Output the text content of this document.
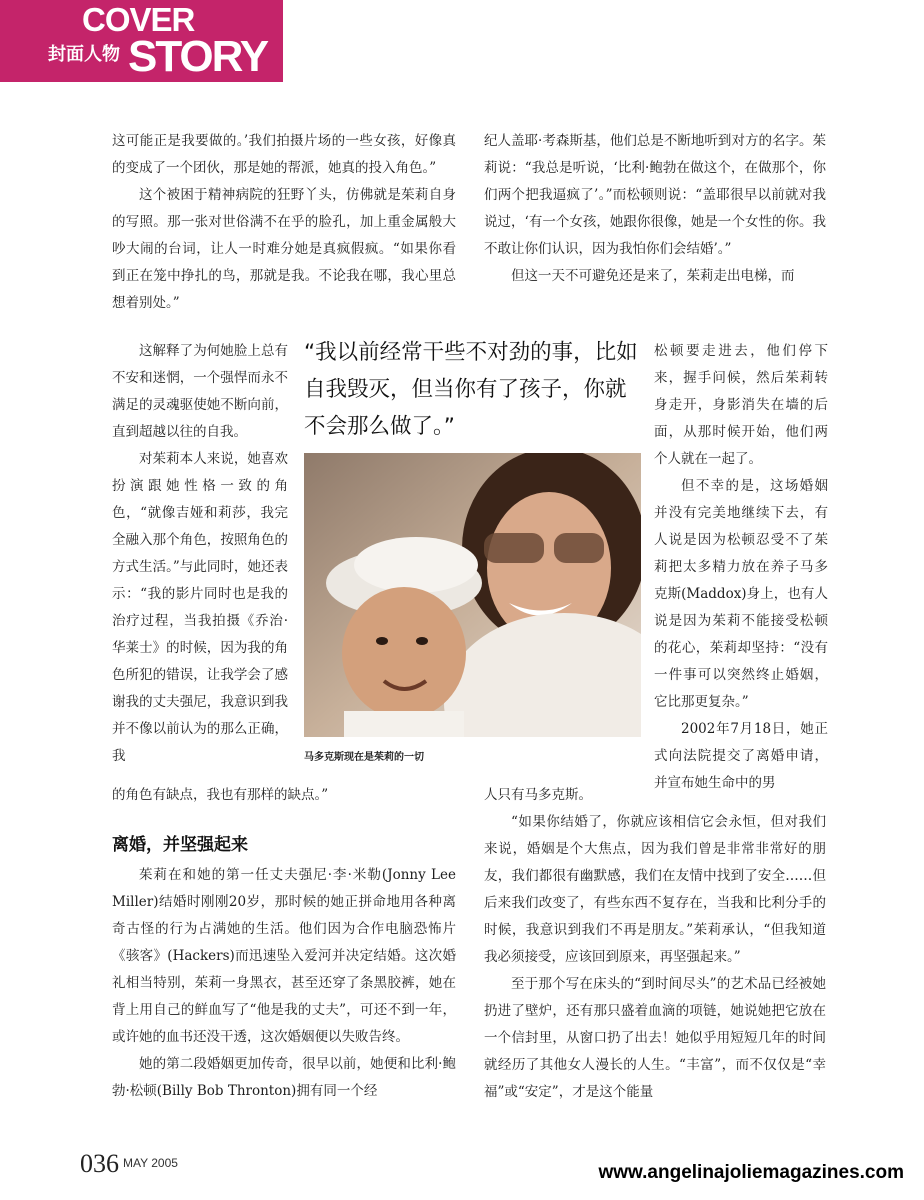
COVER
封面人物 STORY

这可能正是我要做的。’我们拍摄片场的一些女孩，好像真的变成了一个团伙，那是她的帮派，她真的投入角色。”

这个被困于精神病院的狂野丫头，仿佛就是茱莉自身的写照。那一张对世俗满不在乎的脸孔，加上重金属般大吵大闹的台词，让人一时难分她是真疯假疯。“如果你看到正在笼中挣扎的鸟，那就是我。不论我在哪，我心里总想着别处。”

这解释了为何她脸上总有不安和迷惘，一个强悍而永不满足的灵魂驱使她不断向前，直到超越以往的自我。

对茱莉本人来说，她喜欢扮演跟她性格一致的角色，“就像吉娅和莉莎，我完全融入那个角色，按照角色的方式生活。”与此同时，她还表示：“我的影片同时也是我的治疗过程，当我拍摄《乔治·华莱士》的时候，因为我的角色所犯的错误，让我学会了感谢我的丈夫强尼，我意识到我并不像以前认为的那么正确，我

的角色有缺点，我也有那样的缺点。”

离婚，并坚强起来

茱莉在和她的第一任丈夫强尼·李·米勒(Jonny Lee Miller)结婚时刚刚20岁，那时候的她正拼命地用各种离奇古怪的行为占满她的生活。他们因为合作电脑恐怖片《骇客》(Hackers)而迅速坠入爱河并决定结婚。这次婚礼相当特别，茱莉一身黑衣，甚至还穿了条黑胶裤，她在背上用自己的鲜血写了“他是我的丈夫”，可还不到一年，或许她的血书还没干透，这次婚姻便以失败告终。

她的第二段婚姻更加传奇，很早以前，她便和比利·鲍勃·松顿(Billy Bob Thronton)拥有同一个经

纪人盖耶·考森斯基，他们总是不断地听到对方的名字。茱莉说：“我总是听说，‘比利·鲍勃在做这个，在做那个，你们两个把我逼疯了’。”而松顿则说：“盖耶很早以前就对我说过，‘有一个女孩，她跟你很像，她是一个女性的你。我不敢让你们认识，因为我怕你们会结婚’。”

但这一天不可避免还是来了，茱莉走出电梯，而

松顿要走进去，他们停下来，握手问候，然后茱莉转身走开，身影消失在墙的后面，从那时候开始，他们两个人就在一起了。

但不幸的是，这场婚姻并没有完美地继续下去，有人说是因为松顿忍受不了茱莉把太多精力放在养子马多克斯(Maddox)身上，也有人说是因为茱莉不能接受松顿的花心，茱莉却坚持：“没有一件事可以突然终止婚姻，它比那更复杂。”

2002年7月18日，她正式向法院提交了离婚申请，并宣布她生命中的男

人只有马多克斯。

“如果你结婚了，你就应该相信它会永恒，但对我们来说，婚姻是个大焦点，因为我们曾是非常非常好的朋友，我们都很有幽默感，我们在友情中找到了安全……但后来我们改变了，有些东西不复存在，当我和比利分手的时候，我意识到我们不再是朋友。”茱莉承认，“但我知道我必须接受，应该回到原来，再坚强起来。”

至于那个写在床头的“到时间尽头”的艺术品已经被她扔进了壁炉，还有那只盛着血滴的项链，她说她把它放在一个信封里，从窗口扔了出去！她似乎用短短几年的时间就经历了其他女人漫长的人生。“丰富”，而不仅仅是“幸福”或“安定”，才是这个能量

“我以前经常干些不对劲的事，比如自我毁灭，但当你有了孩子，你就不会那么做了。”
马多克斯现在是茱莉的一切
036 MAY 2005	www.angelinajoliemagazines.com
